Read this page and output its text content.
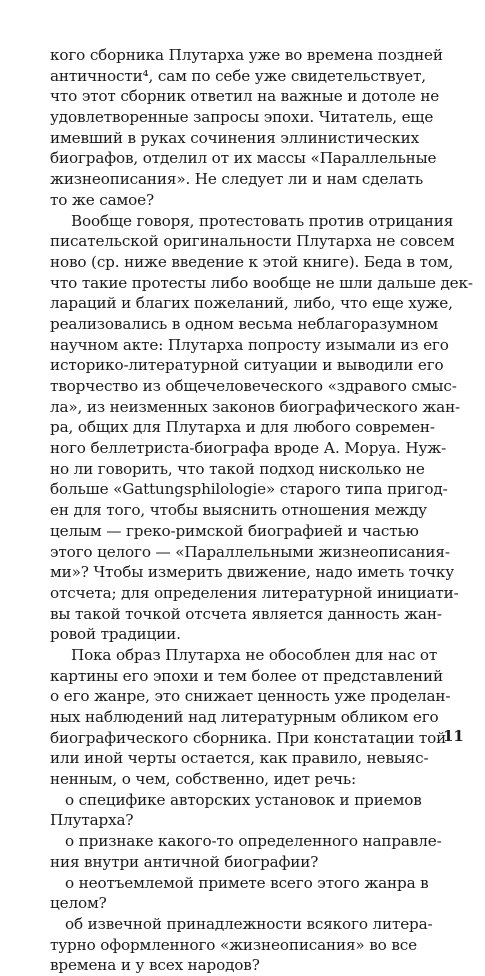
кого сборника Плутарха уже во времена поздней
античности⁴, сам по себе уже свидетельствует,
что этот сборник ответил на важные и дотоле не
удовлетворенные запросы эпохи. Читатель, еще
имевший в руках сочинения эллинистических
биографов, отделил от их массы «Параллельные
жизнеописания». Не следует ли и нам сделать
то же самое?
Вообще говоря, протестовать против отрицания
писательской оригинальности Плутарха не совсем
ново (ср. ниже введение к этой книге). Беда в том,
что такие протесты либо вообще не шли дальше дек-
лараций и благих пожеланий, либо, что еще хуже,
реализовались в одном весьма неблагоразумном
научном акте: Плутарха попросту изымали из его
историко-литературной ситуации и выводили его
творчество из общечеловеческого «здравого смыс-
ла», из неизменных законов биографического жан-
ра, общих для Плутарха и для любого современ-
ного беллетриста-биографа вроде А. Моруа. Нуж-
но ли говорить, что такой подход нисколько не
больше «Gattungsphilologie» старого типа пригод-
ен для того, чтобы выяснить отношения между
целым — греко-римской биографией и частью
этого целого — «Параллельными жизнеописания-
ми»? Чтобы измерить движение, надо иметь точку
отсчета; для определения литературной инициати-
вы такой точкой отсчета является данность жан-
ровой традиции.
Пока образ Плутарха не обособлен для нас от
картины его эпохи и тем более от представлений
о его жанре, это снижает ценность уже проделан-
ных наблюдений над литературным обликом его
биографического сборника. При констатации той
или иной черты остается, как правило, невыяс-
ненным, о чем, собственно, идет речь:
о специфике авторских установок и приемов
Плутарха?
о признаке какого-то определенного направле-
ния внутри античной биографии?
о неотъемлемой примете всего этого жанра в
целом?
об извечной принадлежности всякого литера-
турно оформленного «жизнеописания» во все
времена и у всех народов?
11
